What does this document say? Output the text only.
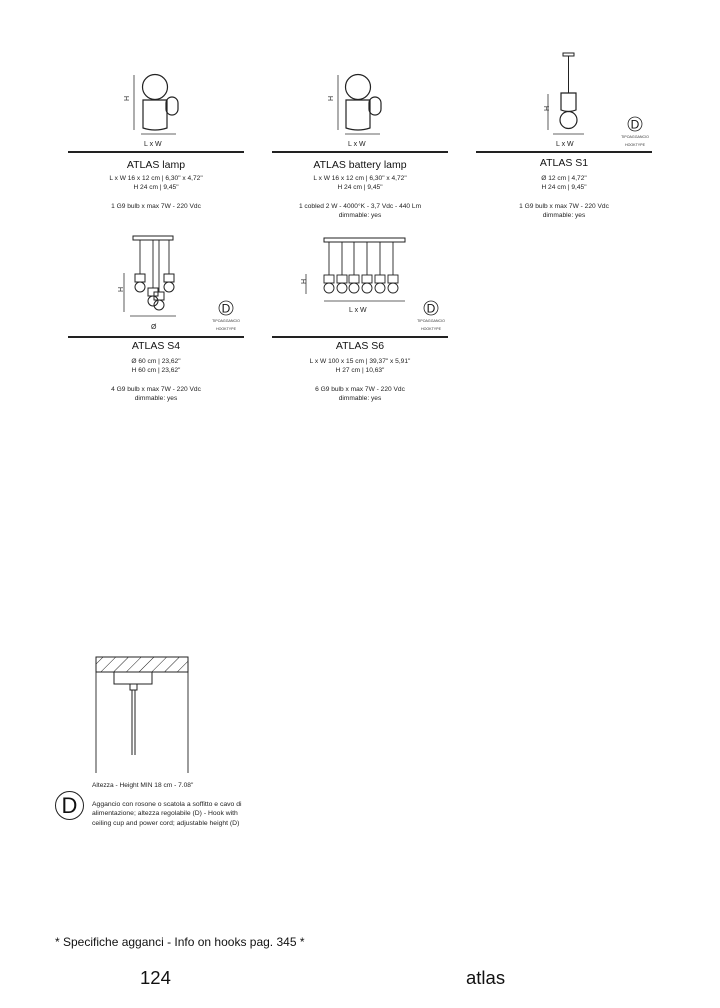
H
L x W
ATLAS lamp
L x W 16 x 12 cm | 6,30" x 4,72"
H 24 cm | 9,45"
1 G9 bulb x max 7W - 220 Vdc
H
L x W
ATLAS battery lamp
L x W 16 x 12 cm | 6,30" x 4,72"
H 24 cm | 9,45"
1 cobled 2 W - 4000°K - 3,7 Vdc - 440 Lm
dimmable: yes
H
L x W
D
TIPOAGGANCIO
HOOKTYPE
ATLAS S1
Ø 12 cm | 4,72"
H 24 cm | 9,45"
1 G9 bulb x max 7W - 220 Vdc
dimmable: yes
H
Ø
D
TIPOAGGANCIO
HOOKTYPE
ATLAS S4
Ø 60 cm | 23,62"
H 60 cm | 23,62"
4 G9 bulb x max 7W - 220 Vdc
dimmable: yes
H
L x W	D
TIPOAGGANCIO
HOOKTYPE
ATLAS S6
L x W 100 x 15 cm | 39,37" x 5,91"
H 27 cm | 10,63"
6 G9 bulb x max 7W - 220 Vdc
dimmable: yes
Altezza - Height MIN 18 cm - 7.08"
D	Aggancio con rosone o scatola a soffitto e cavo di alimentazione; altezza regolabile (D) - Hook with ceiling cup and power cord; adjustable height (D)
* Specifiche agganci - Info on hooks pag. 345 *
124	atlas
